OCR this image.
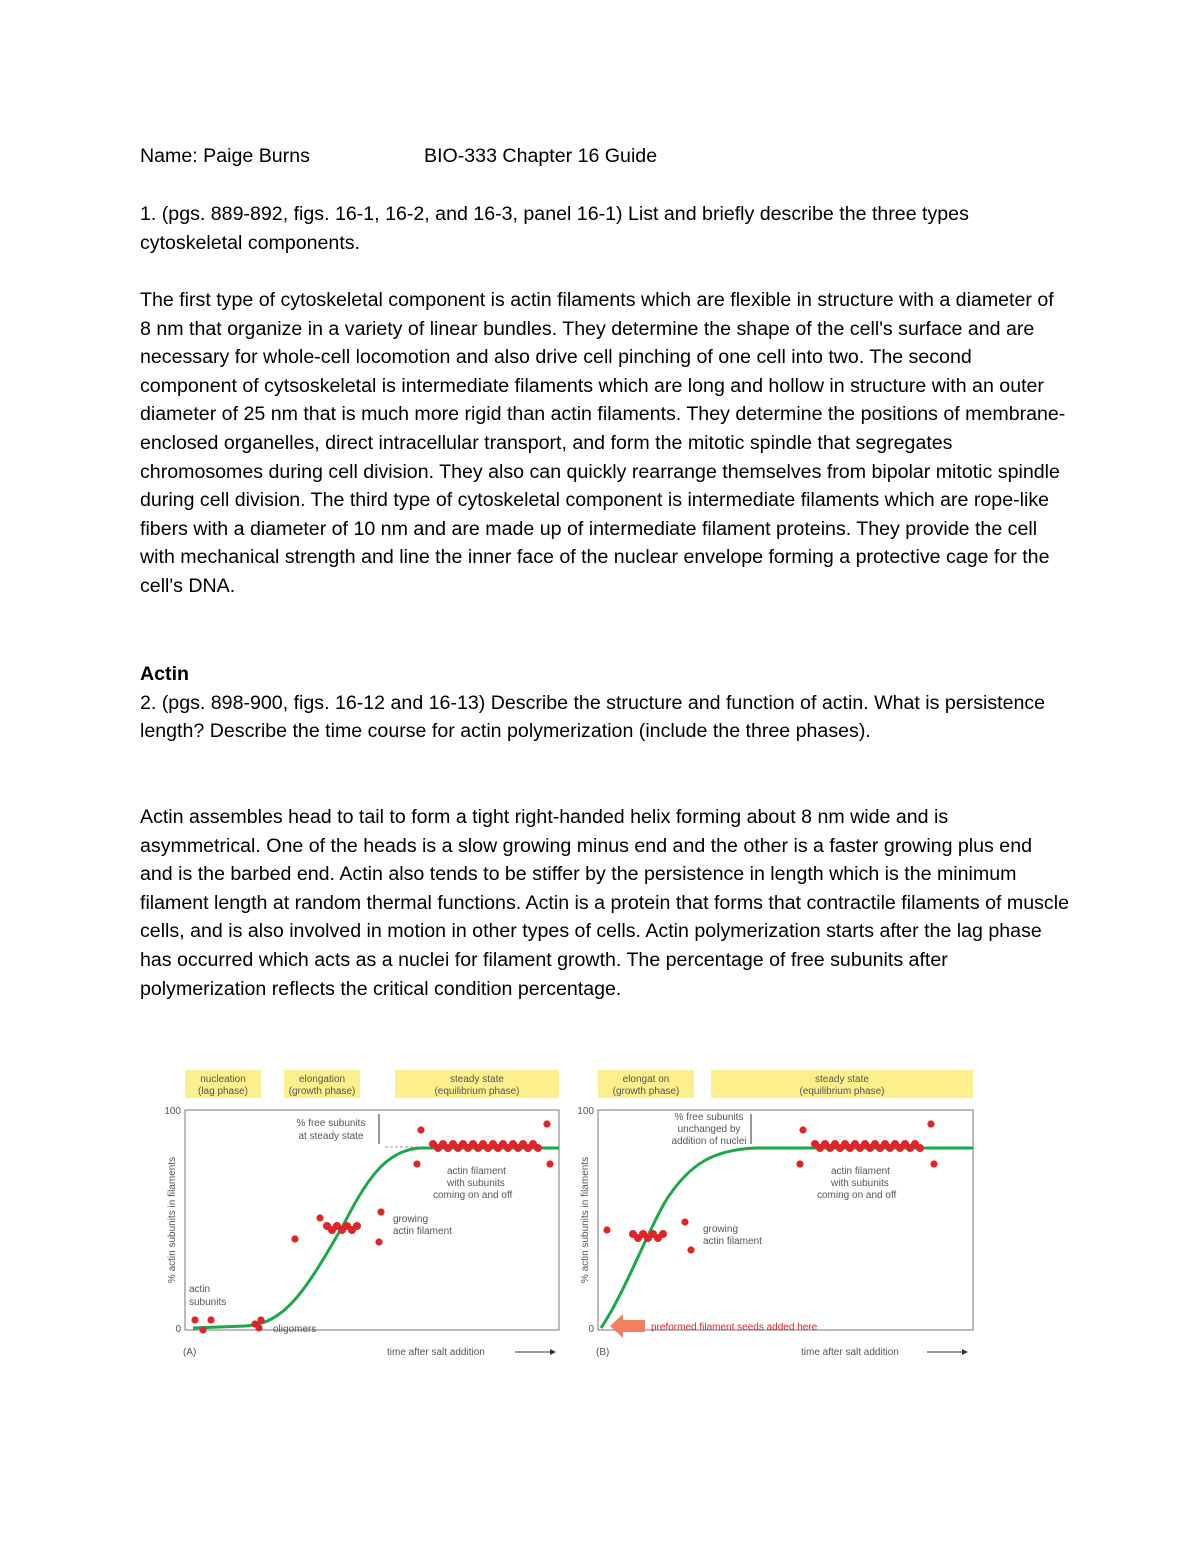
Name: Paige Burns	BIO-333 Chapter 16 Guide
1. (pgs. 889-892, figs. 16-1, 16-2, and 16-3, panel 16-1) List and briefly describe the three types cytoskeletal components.
The first type of cytoskeletal component is actin filaments which are flexible in structure with a diameter of 8 nm that organize in a variety of linear bundles. They determine the shape of the cell's surface and are necessary for whole-cell locomotion and also drive cell pinching of one cell into two. The second component of cytsoskeletal is intermediate filaments which are long and hollow in structure with an outer diameter of 25 nm that is much more rigid than actin filaments. They determine the positions of membrane-enclosed organelles, direct intracellular transport, and form the mitotic spindle that segregates chromosomes during cell division. They also can quickly rearrange themselves from bipolar mitotic spindle during cell division. The third type of cytoskeletal component is intermediate filaments which are rope-like fibers with a diameter of 10 nm and are made up of intermediate filament proteins. They provide the cell with mechanical strength and line the inner face of the nuclear envelope forming a protective cage for the cell's DNA.
Actin
2. (pgs. 898-900, figs. 16-12 and 16-13) Describe the structure and function of actin. What is persistence length? Describe the time course for actin polymerization (include the three phases).
Actin assembles head to tail to form a tight right-handed helix forming about 8 nm wide and is asymmetrical. One of the heads is a slow growing minus end and the other is a faster growing plus end and is the barbed end. Actin also tends to be stiffer by the persistence in length which is the minimum filament length at random thermal functions. Actin is a protein that forms that contractile filaments of muscle cells, and is also involved in motion in other types of cells. Actin polymerization starts after the lag phase has occurred which acts as a nuclei for filament growth. The percentage of free subunits after polymerization reflects the critical condition percentage.
nucleation
(lag phase)
elongation
(growth phase)
steady state
(equilibrium phase)
100
0
% actin subunits in filaments
% free subunits
at steady state
actin filament
with subunits
coming on and off
growing
actin filament
actin
subunits
oligomers
(A)	time after salt addition
elongat on
(growth phase)
steady state
(equilibrium phase)
100
0
% actin subunits in filaments
% free subunits
unchanged by
addition of nuclei
actin filament
with subunits
coming on and off
growing
actin filament
preformed filament seeds added here
(B)	time after salt addition
